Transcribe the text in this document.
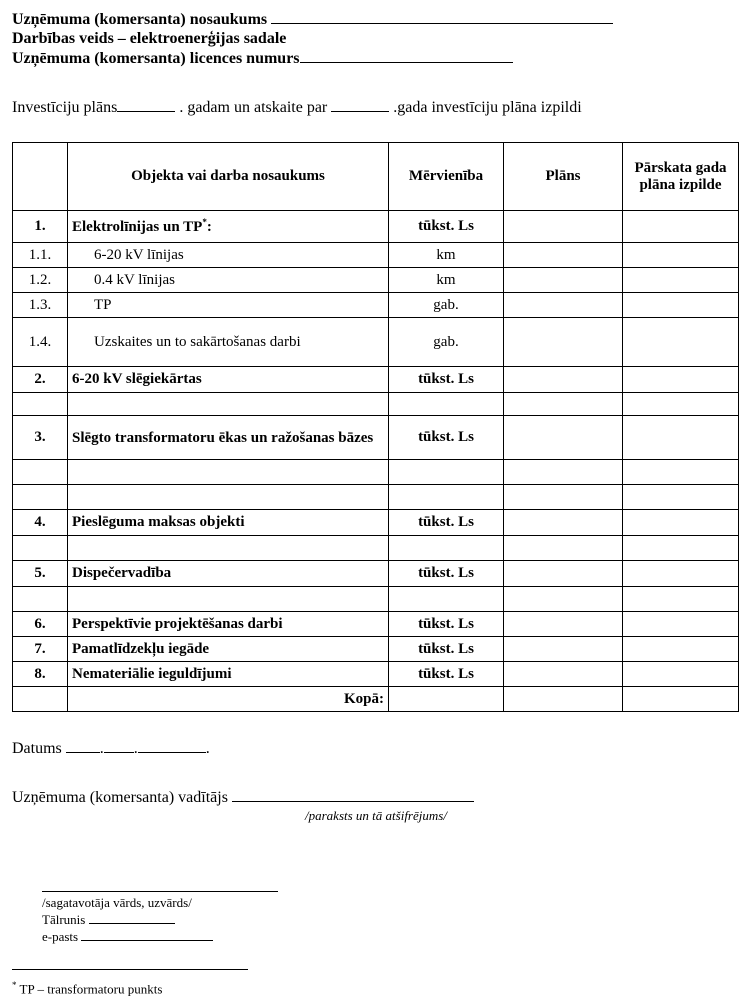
Uzņēmuma (komersanta) nosaukums
Darbības veids – elektroenerģijas sadale
Uzņēmuma (komersanta) licences numurs
Investīciju plāns	. gadam un atskaite par	.gada investīciju plāna izpildi
	Objekta vai darba nosaukums	Mērvienība	Plāns	Pārskata gada plāna izpilde
1.	Elektrolīnijas un TP*:	tūkst. Ls		
1.1.	6-20 kV līnijas	km		
1.2.	0.4 kV līnijas	km		
1.3.	TP	gab.		
1.4.	Uzskaites un to sakārtošanas darbi	gab.		
2.	6-20 kV slēgiekārtas	tūkst. Ls		

3.	Slēgto transformatoru ēkas un ražošanas bāzes	tūkst. Ls		

4.	Pieslēguma maksas objekti	tūkst. Ls		

5.	Dispečervadība	tūkst. Ls		

6.	Perspektīvie projektēšanas darbi	tūkst. Ls		
7.	Pamatlīdzekļu iegāde	tūkst. Ls		
8.	Nemateriālie ieguldījumi	tūkst. Ls		
	Kopā:			
Datums . .	.
Uzņēmuma (komersanta) vadītājs
/paraksts un tā atšifrējums/
/sagatavotāja vārds, uzvārds/
Tālrunis
e-pasts
* TP – transformatoru punkts
